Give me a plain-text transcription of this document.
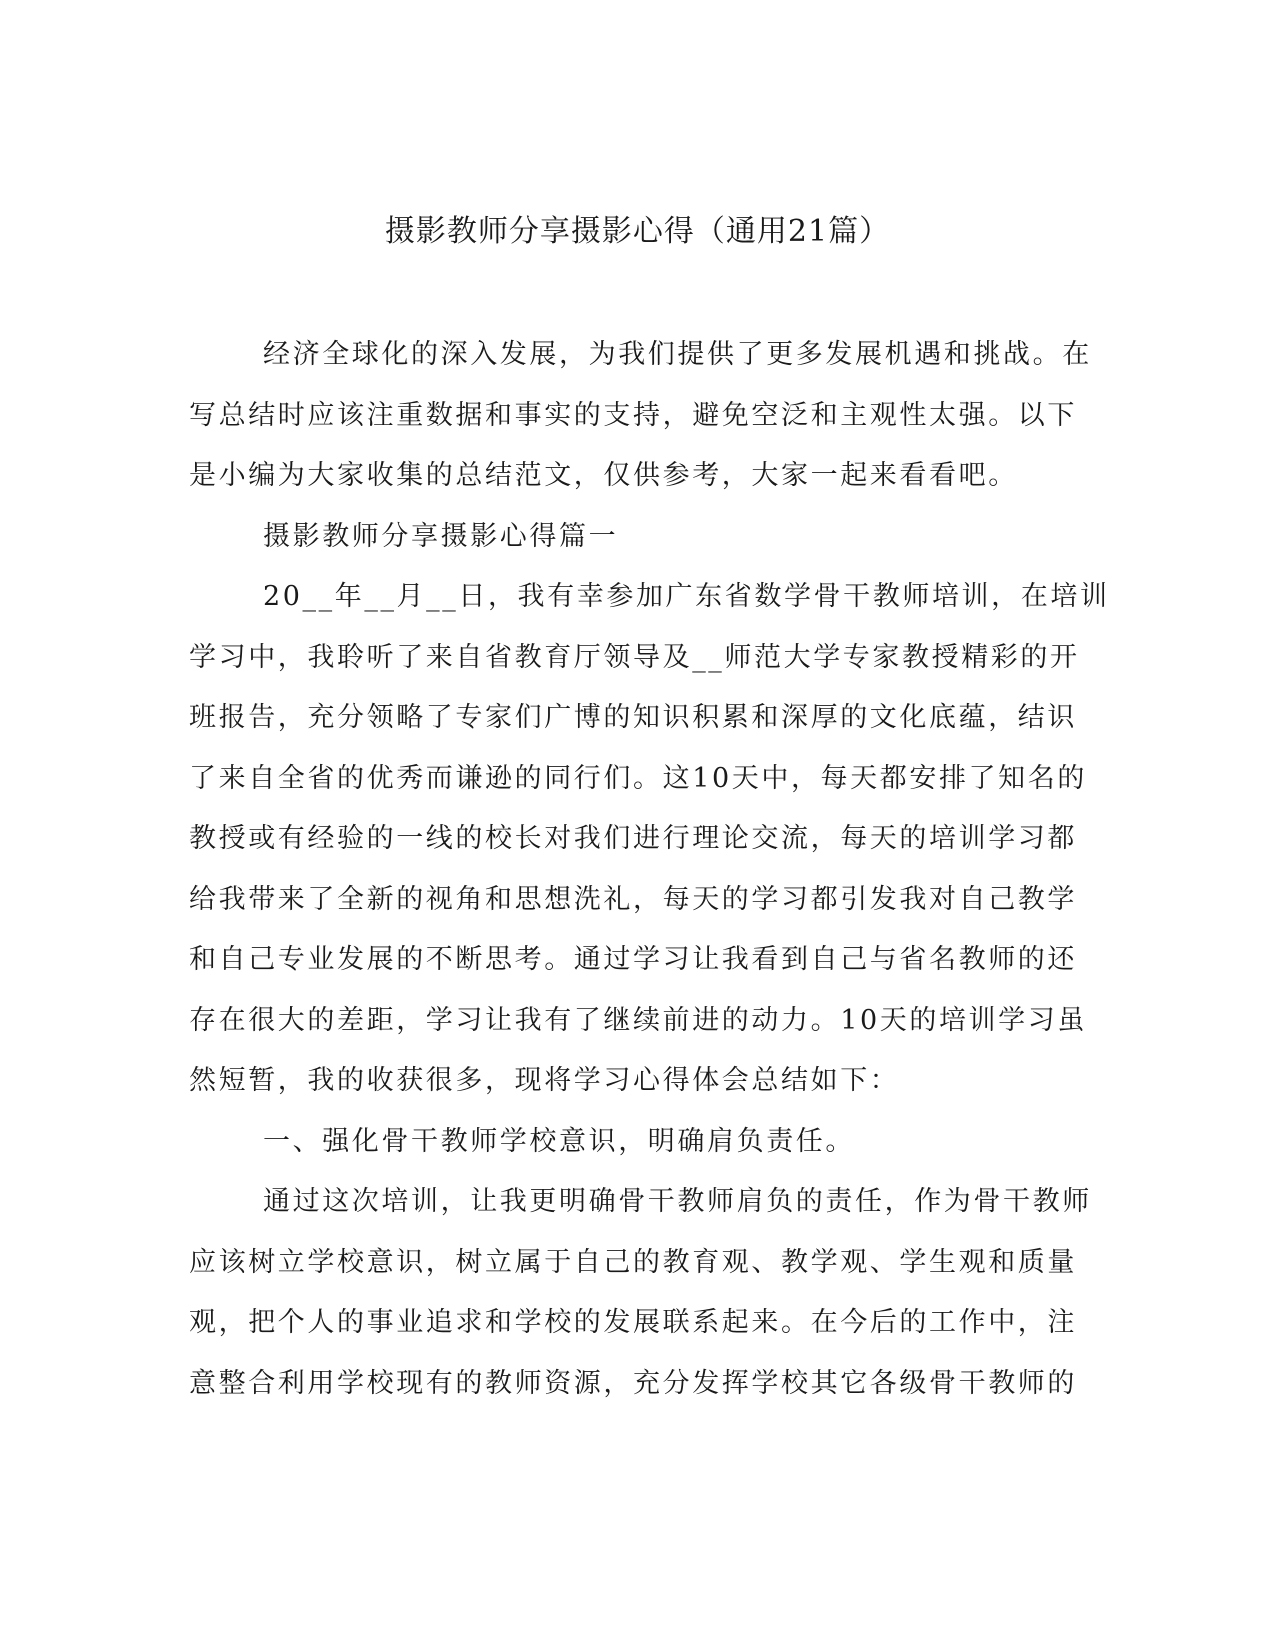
摄影教师分享摄影心得（通用21篇）
经济全球化的深入发展，为我们提供了更多发展机遇和挑战。在
写总结时应该注重数据和事实的支持，避免空泛和主观性太强。以下
是小编为大家收集的总结范文，仅供参考，大家一起来看看吧。
摄影教师分享摄影心得篇一
20__年__月__日，我有幸参加广东省数学骨干教师培训，在培训
学习中，我聆听了来自省教育厅领导及__师范大学专家教授精彩的开
班报告，充分领略了专家们广博的知识积累和深厚的文化底蕴，结识
了来自全省的优秀而谦逊的同行们。这10天中，每天都安排了知名的
教授或有经验的一线的校长对我们进行理论交流，每天的培训学习都
给我带来了全新的视角和思想洗礼，每天的学习都引发我对自己教学
和自己专业发展的不断思考。通过学习让我看到自己与省名教师的还
存在很大的差距，学习让我有了继续前进的动力。10天的培训学习虽
然短暂，我的收获很多，现将学习心得体会总结如下：
一、强化骨干教师学校意识，明确肩负责任。
通过这次培训，让我更明确骨干教师肩负的责任，作为骨干教师
应该树立学校意识，树立属于自己的教育观、教学观、学生观和质量
观，把个人的事业追求和学校的发展联系起来。在今后的工作中，注
意整合利用学校现有的教师资源，充分发挥学校其它各级骨干教师的
